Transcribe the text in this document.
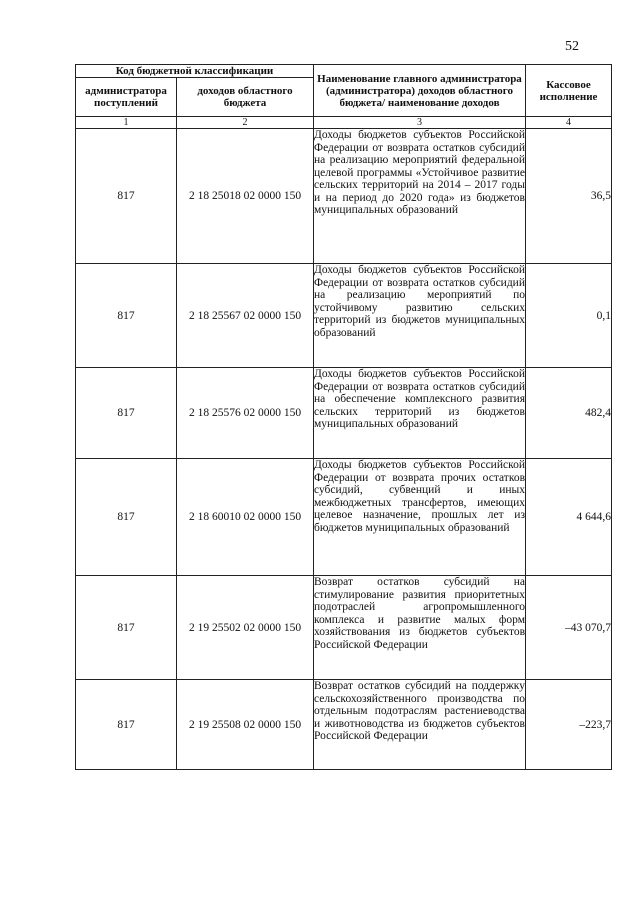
52
Код бюджетной классификации		Наименование главного администратора (администратора) доходов областного бюджета/ наименование доходов	Кассовое исполнение
администратора поступлений	доходов областного бюджета		
1	2	3	4
817	2 18 25018 02 0000 150	Доходы бюджетов субъектов Российской Федерации от возврата остатков субсидий на реализацию мероприятий федеральной целевой программы «Устойчивое развитие сельских территорий на 2014 – 2017 годы и на период до 2020 года» из бюджетов муниципальных образований	36,5
817	2 18 25567 02 0000 150	Доходы бюджетов субъектов Российской Федерации от возврата остатков субсидий на реализацию мероприятий по устойчивому развитию сельских территорий из бюджетов муниципальных образований	0,1
817	2 18 25576 02 0000 150	Доходы бюджетов субъектов Российской Федерации от возврата остатков субсидий на обеспечение комплексного развития сельских территорий из бюджетов муниципальных образований	482,4
817	2 18 60010 02 0000 150	Доходы бюджетов субъектов Российской Федерации от возврата прочих остатков субсидий, субвенций и иных межбюджетных трансфертов, имеющих целевое назначение, прошлых лет из бюджетов муниципальных образований	4 644,6
817	2 19 25502 02 0000 150	Возврат остатков субсидий на стимулирование развития приоритетных подотраслей агропромышленного комплекса и развитие малых форм хозяйствования из бюджетов субъектов Российской Федерации	–43 070,7
817	2 19 25508 02 0000 150	Возврат остатков субсидий на поддержку сельскохозяйственного производства по отдельным подотраслям растениеводства и животноводства из бюджетов субъектов Российской Федерации	–223,7
